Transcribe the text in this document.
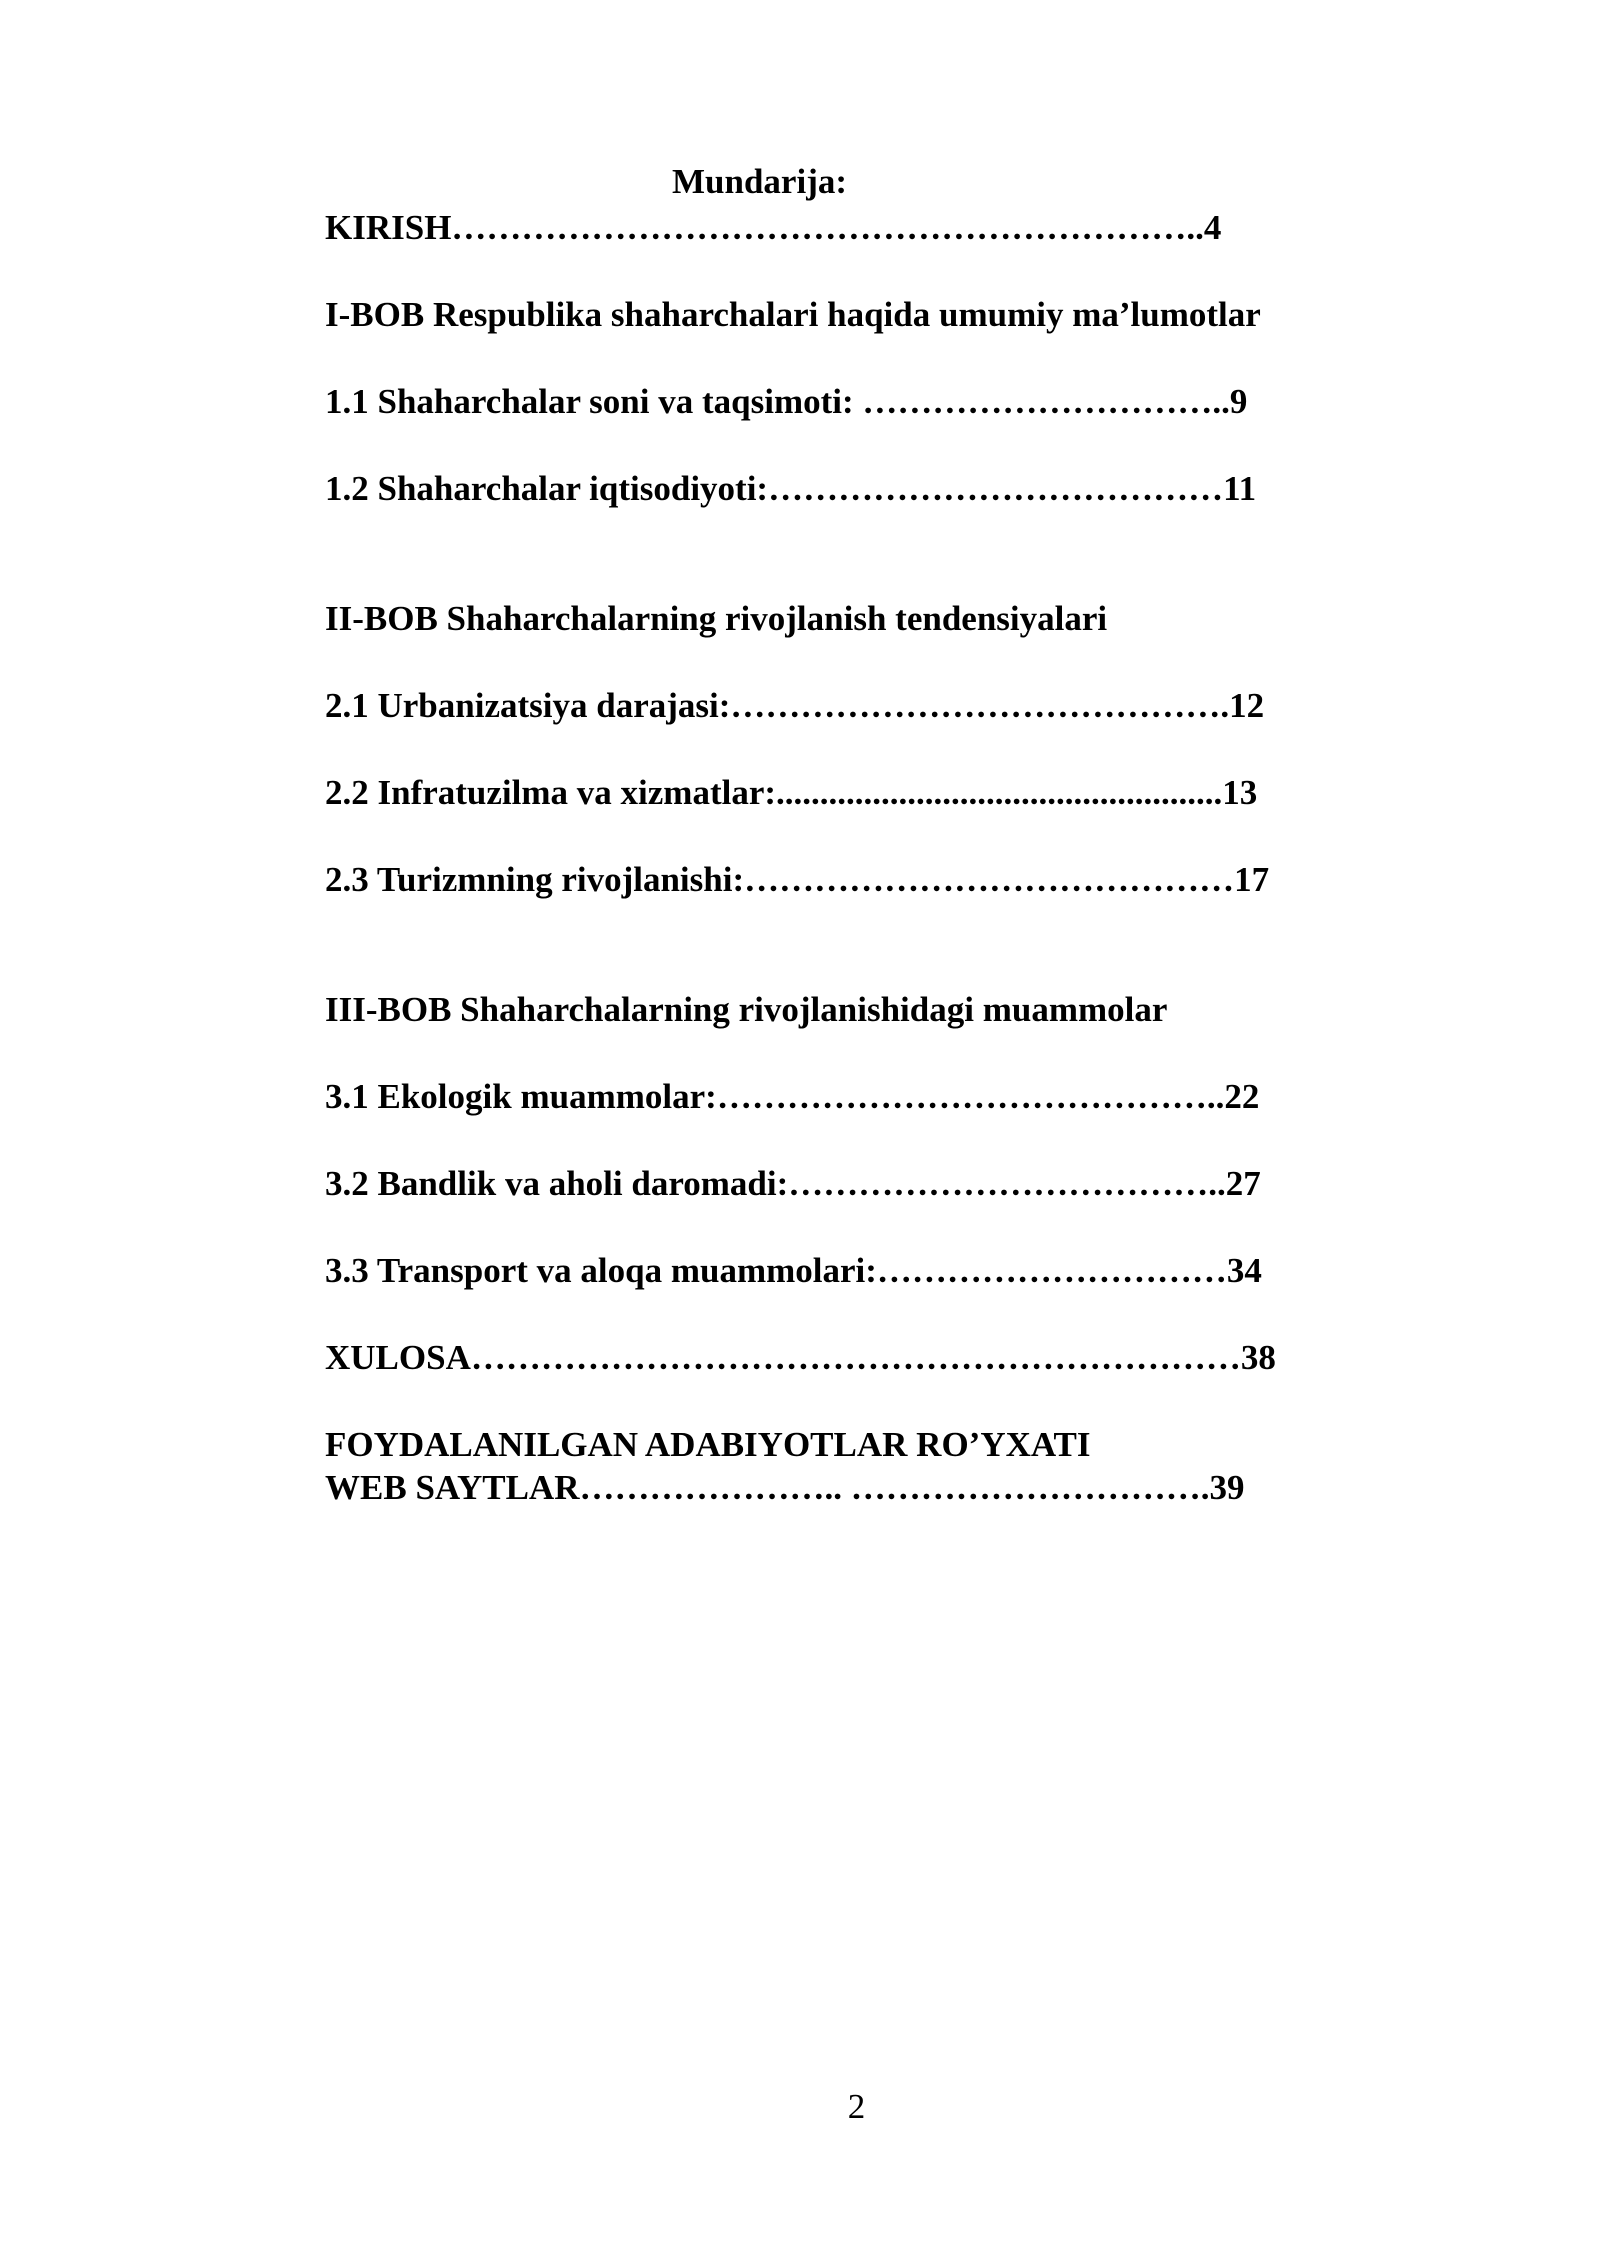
Mundarija:
KIRISH………………………………………………………..4
I-BOB Respublika shaharchalari haqida umumiy ma’lumotlar
1.1 Shaharchalar soni va taqsimoti: …………………………..9
1.2 Shaharchalar iqtisodiyoti:…………………………………11
II-BOB Shaharchalarning rivojlanish tendensiyalari
2.1 Urbanizatsiya darajasi:…………………………………….12
2.2 Infratuzilma va xizmatlar:...................................................13
2.3 Turizmning rivojlanishi:……………………………………17
III-BOB Shaharchalarning rivojlanishidagi muammolar
3.1 Ekologik muammolar:……………………………………..22
3.2 Bandlik va aholi daromadi:………………………………..27
3.3 Transport va aloqa muammolari:…………………………34
XULOSA…………………………………………………………38
FOYDALANILGAN ADABIYOTLAR RO’YXATI
WEB SAYTLAR………………….. ………………………….39
2
